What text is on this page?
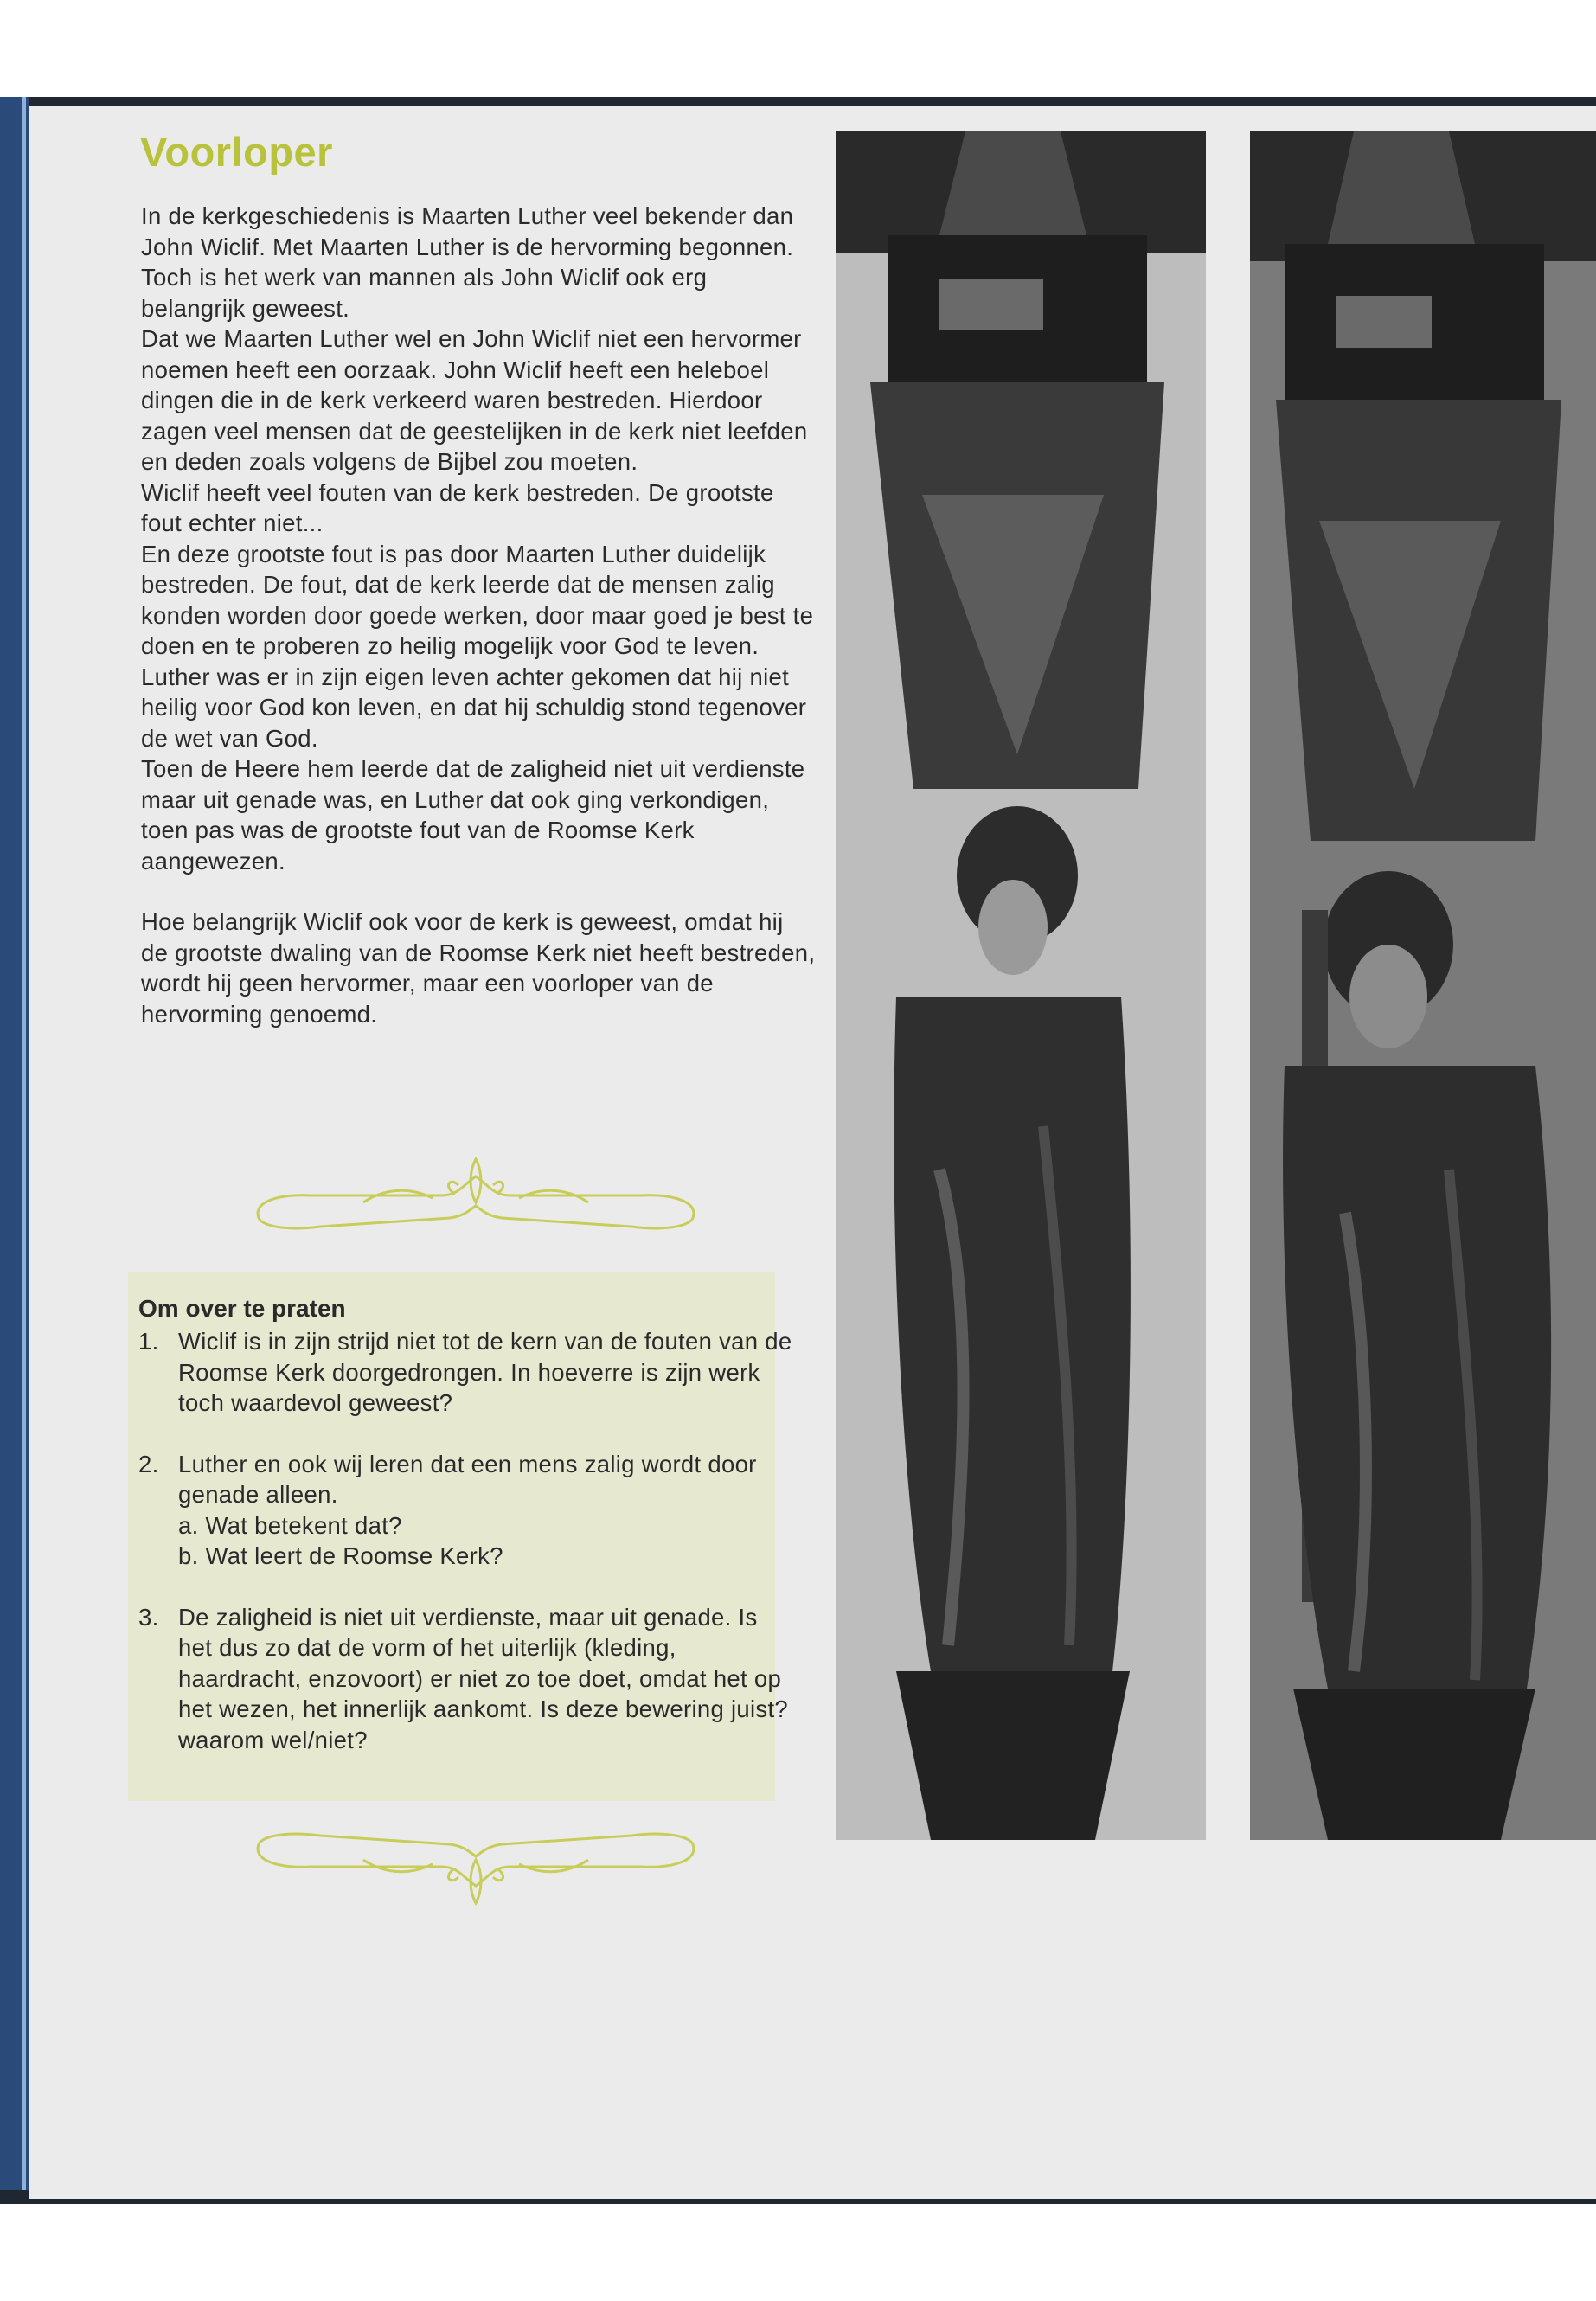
Voorloper

In de kerkgeschiedenis is Maarten Luther veel bekender dan John Wiclif. Met Maarten Luther is de hervorming begonnen. Toch is het werk van mannen als John Wiclif ook erg belangrijk geweest.

Dat we Maarten Luther wel en John Wiclif niet een hervormer noemen heeft een oorzaak. John Wiclif heeft een heleboel dingen die in de kerk verkeerd waren bestreden. Hierdoor zagen veel mensen dat de geestelijken in de kerk niet leefden en deden zoals volgens de Bijbel zou moeten.

Wiclif heeft veel fouten van de kerk bestreden. De grootste fout echter niet...

En deze grootste fout is pas door Maarten Luther duidelijk bestreden. De fout, dat de kerk leerde dat de mensen zalig konden worden door goede werken, door maar goed je best te doen en te proberen zo heilig mogelijk voor God te leven.

Luther was er in zijn eigen leven achter gekomen dat hij niet heilig voor God kon leven, en dat hij schuldig stond tegenover de wet van God.

Toen de Heere hem leerde dat de zaligheid niet uit verdienste maar uit genade was, en Luther dat ook ging verkondigen, toen pas was de grootste fout van de Roomse Kerk aangewezen.

Hoe belangrijk Wiclif ook voor de kerk is geweest, omdat hij de grootste dwaling van de Roomse Kerk niet heeft bestreden, wordt hij geen hervormer, maar een voorloper van de hervorming genoemd.

Om over te praten
1. Wiclif is in zijn strijd niet tot de kern van de fouten van de Roomse Kerk doorgedrongen. In hoeverre is zijn werk toch waardevol geweest?
2. Luther en ook wij leren dat een mens zalig wordt door genade alleen.
a. Wat betekent dat?
b. Wat leert de Roomse Kerk?
3. De zaligheid is niet uit verdienste, maar uit genade. Is het dus zo dat de vorm of het uiterlijk (kleding, haardracht, enzovoort) er niet zo toe doet, omdat het op het wezen, het innerlijk aankomt. Is deze bewering juist? waarom wel/niet?
